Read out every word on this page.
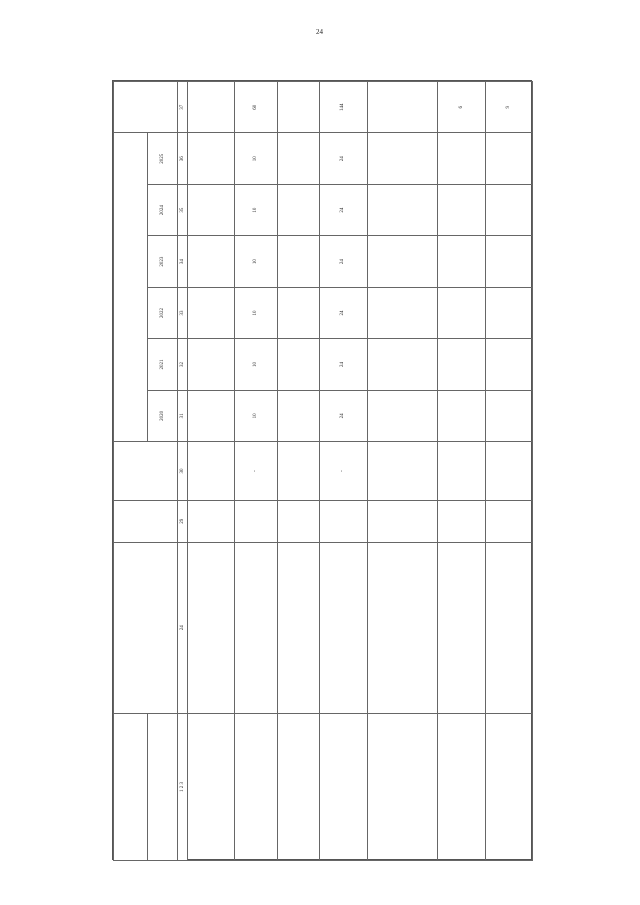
24

				2020	2021	2022	2023	2024	2025	
1 2 3	24	29	30	31	32	33	34	35	36	37

			-	10	10	10	10	10	10	60

			-	24	24	24	24	24	24	144

										6
										9
